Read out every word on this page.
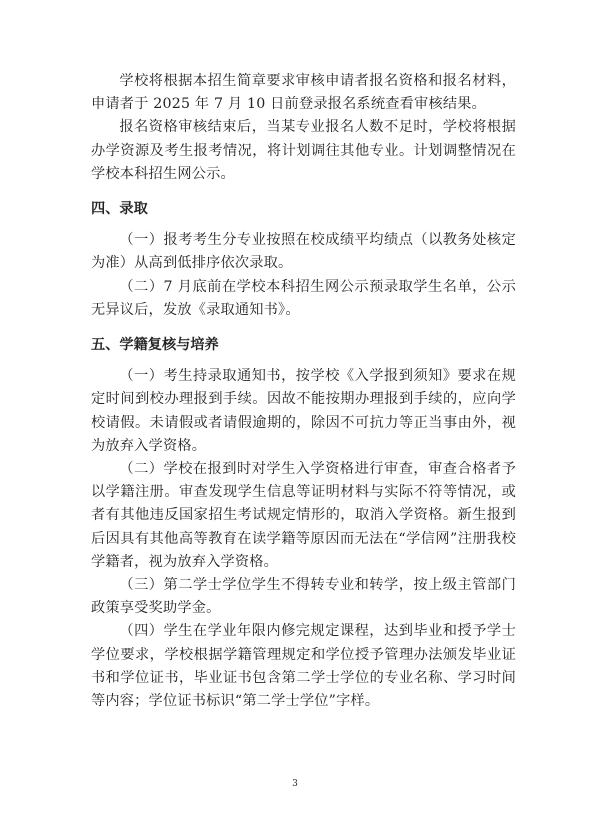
学校将根据本招生简章要求审核申请者报名资格和报名材料，申请者于 2025 年 7 月 10 日前登录报名系统查看审核结果。

报名资格审核结束后，当某专业报名人数不足时，学校将根据办学资源及考生报考情况，将计划调往其他专业。计划调整情况在学校本科招生网公示。

四、录取

（一）报考考生分专业按照在校成绩平均绩点（以教务处核定为准）从高到低排序依次录取。

（二）7 月底前在学校本科招生网公示预录取学生名单，公示无异议后，发放《录取通知书》。

五、学籍复核与培养

（一）考生持录取通知书，按学校《入学报到须知》要求在规定时间到校办理报到手续。因故不能按期办理报到手续的，应向学校请假。未请假或者请假逾期的，除因不可抗力等正当事由外，视为放弃入学资格。

（二）学校在报到时对学生入学资格进行审查，审查合格者予以学籍注册。审查发现学生信息等证明材料与实际不符等情况，或者有其他违反国家招生考试规定情形的，取消入学资格。新生报到后因具有其他高等教育在读学籍等原因而无法在“学信网”注册我校学籍者，视为放弃入学资格。

（三）第二学士学位学生不得转专业和转学，按上级主管部门政策享受奖助学金。

（四）学生在学业年限内修完规定课程，达到毕业和授予学士学位要求，学校根据学籍管理规定和学位授予管理办法颁发毕业证书和学位证书，毕业证书包含第二学士学位的专业名称、学习时间等内容；学位证书标识“第二学士学位”字样。

3
